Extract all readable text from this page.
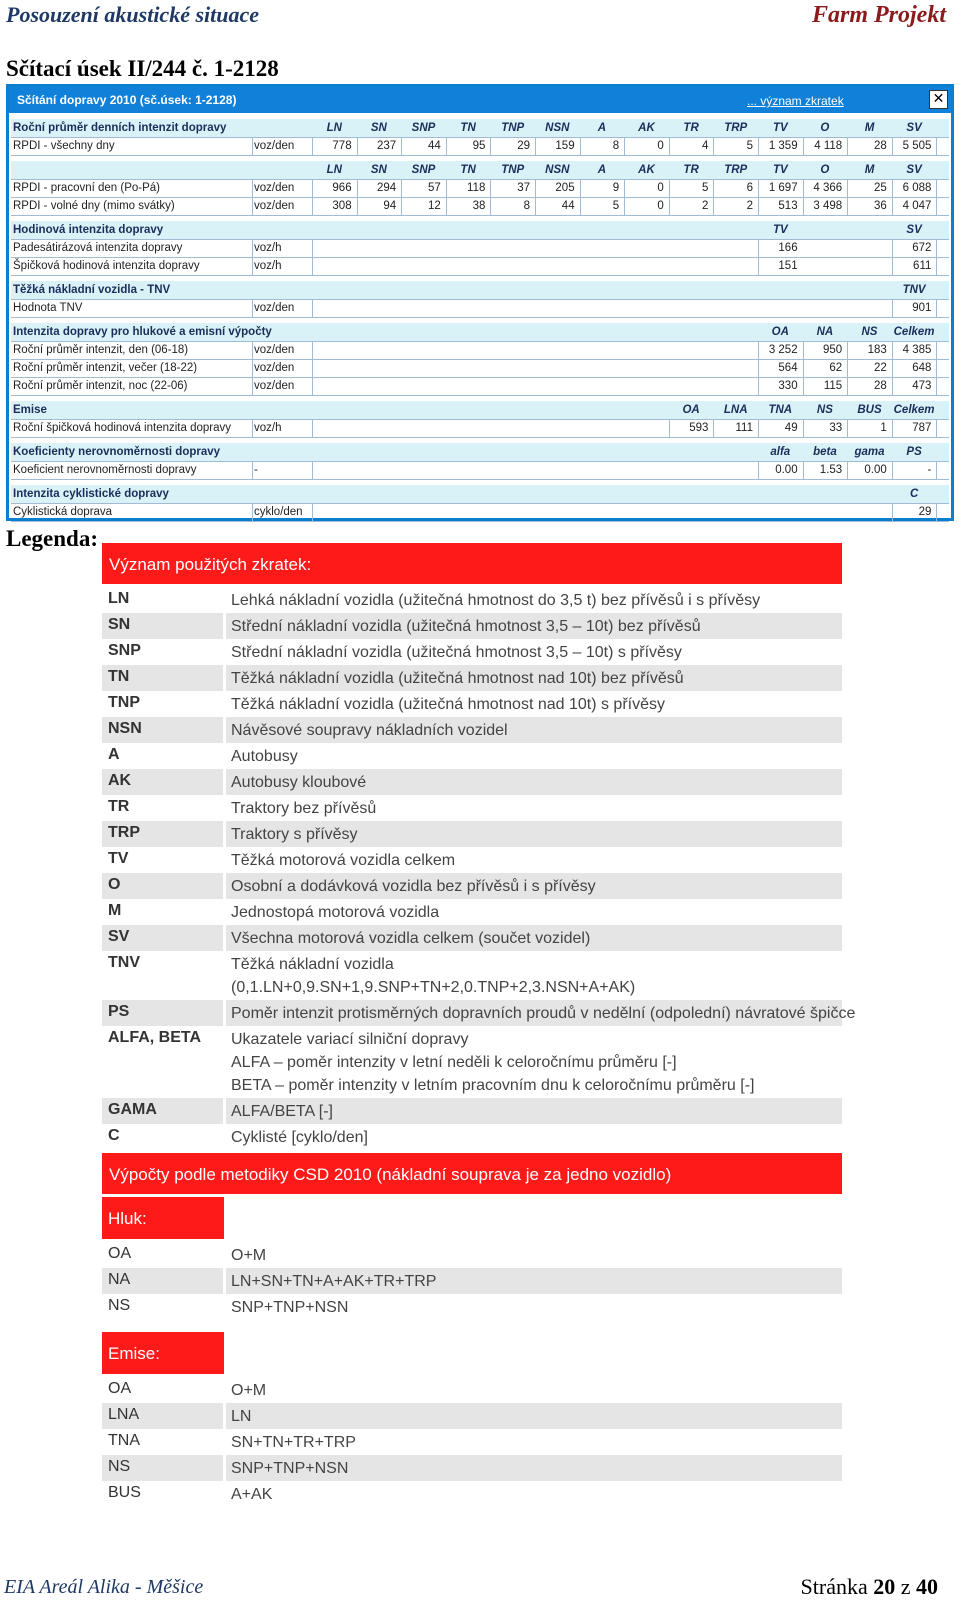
Posouzení akustické situace	Farm Projekt
Sčítací úsek II/244 č. 1-2128
Sčítání dopravy 2010 (sč.úsek: 1-2128)	... význam zkratek	✕
Roční průměr denních intenzit dopravy	LN	SN	SNP	TN	TNP	NSN	A	AK	TR	TRP	TV	O	M	SV
RPDI - všechny dny	voz/den	778	237	44	95	29	159	8	0	4	5	1 359	4 118	28	5 505
LN	SN	SNP	TN	TNP	NSN	A	AK	TR	TRP	TV	O	M	SV
RPDI - pracovní den (Po-Pá)	voz/den	966	294	57	118	37	205	9	0	5	6	1 697	4 366	25	6 088
RPDI - volné dny (mimo svátky)	voz/den	308	94	12	38	8	44	5	0	2	2	513	3 498	36	4 047
Hodinová intenzita dopravy	TV	SV
Padesátirázová intenzita dopravy	voz/h	166	672
Špičková hodinová intenzita dopravy	voz/h	151	611
Těžká nákladní vozidla - TNV	TNV
Hodnota TNV	voz/den	901
Intenzita dopravy pro hlukové a emisní výpočty	OA	NA	NS	Celkem
Roční průměr intenzit, den (06-18)	voz/den	3 252	950	183	4 385
Roční průměr intenzit, večer (18-22)	voz/den	564	62	22	648
Roční průměr intenzit, noc (22-06)	voz/den	330	115	28	473
Emise	OA	LNA	TNA	NS	BUS	Celkem
Roční špičková hodinová intenzita dopravy	voz/h	593	111	49	33	1	787
Koeficienty nerovnoměrnosti dopravy	alfa	beta	gama	PS
Koeficient nerovnoměrnosti dopravy	-	0.00	1.53	0.00	-
Intenzita cyklistické dopravy	C
Cyklistická doprava	cyklo/den	29
Legenda:
Význam použitých zkratek:
LN	Lehká nákladní vozidla (užitečná hmotnost do 3,5 t) bez přívěsů i s přívěsy
SN	Střední nákladní vozidla (užitečná hmotnost 3,5 – 10t) bez přívěsů
SNP	Střední nákladní vozidla (užitečná hmotnost 3,5 – 10t) s přívěsy
TN	Těžká nákladní vozidla (užitečná hmotnost nad 10t) bez přívěsů
TNP	Těžká nákladní vozidla (užitečná hmotnost nad 10t) s přívěsy
NSN	Návěsové soupravy nákladních vozidel
A	Autobusy
AK	Autobusy kloubové
TR	Traktory bez přívěsů
TRP	Traktory s přívěsy
TV	Těžká motorová vozidla celkem
O	Osobní a dodávková vozidla bez přívěsů i s přívěsy
M	Jednostopá motorová vozidla
SV	Všechna motorová vozidla celkem (součet vozidel)
TNV	Těžká nákladní vozidla
(0,1.LN+0,9.SN+1,9.SNP+TN+2,0.TNP+2,3.NSN+A+AK)
PS	Poměr intenzit protisměrných dopravních proudů v nedělní (odpolední) návratové špičce
ALFA, BETA Ukazatele variací silniční dopravy
ALFA – poměr intenzity v letní neděli k celoročnímu průměru [-]
BETA – poměr intenzity v letním pracovním dnu k celoročnímu průměru [-]
GAMA	ALFA/BETA [-]
C	Cyklisté [cyklo/den]
Výpočty podle metodiky CSD 2010 (nákladní souprava je za jedno vozidlo)
Hluk:
OA	O+M
NA	LN+SN+TN+A+AK+TR+TRP
NS	SNP+TNP+NSN
Emise:
OA	O+M
LNA	LN
TNA	SN+TN+TR+TRP
NS	SNP+TNP+NSN
BUS	A+AK
EIA Areál Alika - Měšice	Stránka 20 z 40
